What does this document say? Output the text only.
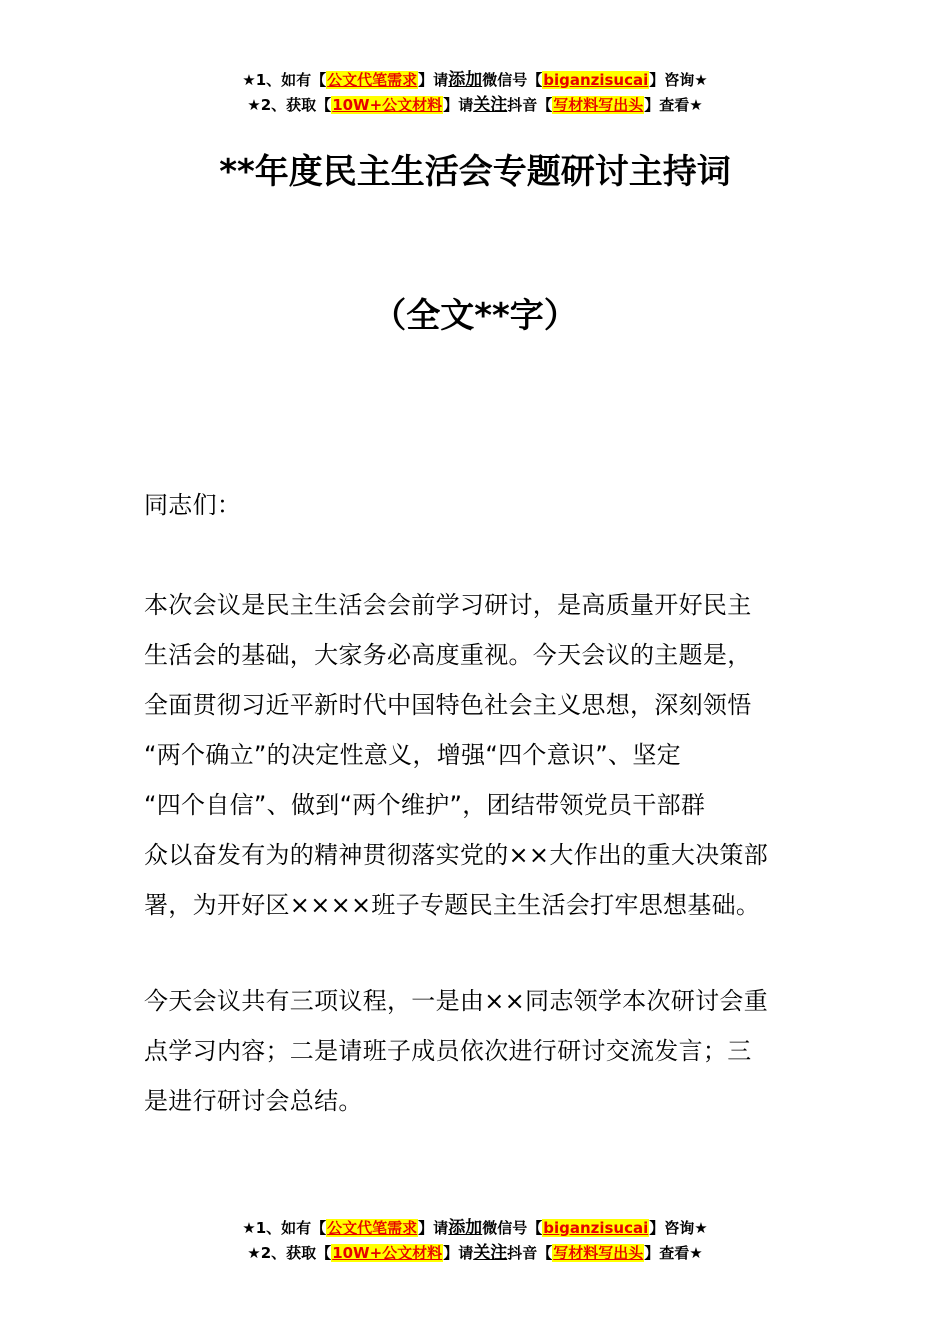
★1、如有【公文代笔需求】请添加微信号【biganzisucai】咨询★
★2、获取【10W+公文材料】请关注抖音【写材料写出头】查看★
**年度民主生活会专题研讨主持词
（全文**字）
同志们：
本次会议是民主生活会会前学习研讨，是高质量开好民主
生活会的基础，大家务必高度重视。今天会议的主题是，
全面贯彻习近平新时代中国特色社会主义思想，深刻领悟
“两个确立”的决定性意义，增强“四个意识”、坚定
“四个自信”、做到“两个维护”，团结带领党员干部群
众以奋发有为的精神贯彻落实党的××大作出的重大决策部
署，为开好区××××班子专题民主生活会打牢思想基础。
今天会议共有三项议程，一是由××同志领学本次研讨会重
点学习内容；二是请班子成员依次进行研讨交流发言；三
是进行研讨会总结。
★1、如有【公文代笔需求】请添加微信号【biganzisucai】咨询★
★2、获取【10W+公文材料】请关注抖音【写材料写出头】查看★
